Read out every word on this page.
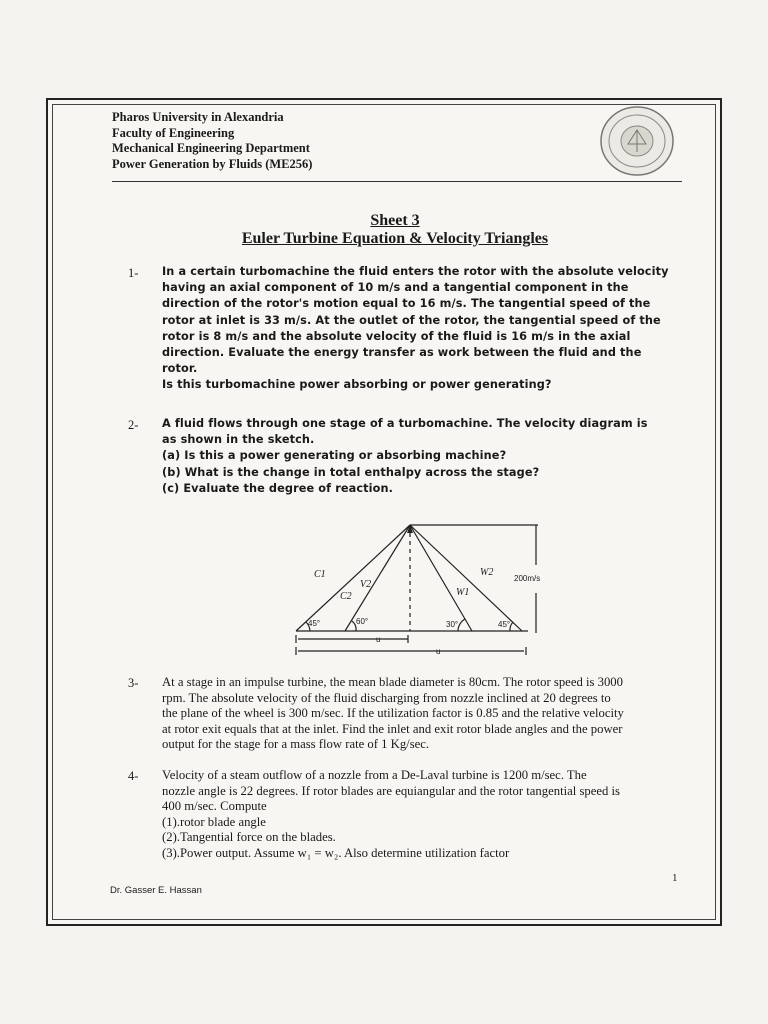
Pharos University in Alexandria
Faculty of Engineering
Mechanical Engineering Department
Power Generation by Fluids (ME256)
Sheet 3
Euler Turbine Equation & Velocity Triangles
1- In a certain turbomachine the fluid enters the rotor with the absolute velocity
having an axial component of 10 m/s and a tangential component in the
direction of the rotor's motion equal to 16 m/s. The tangential speed of the
rotor at inlet is 33 m/s. At the outlet of the rotor, the tangential speed of the
rotor is 8 m/s and the absolute velocity of the fluid is 16 m/s in the axial
direction. Evaluate the energy transfer as work between the fluid and the
rotor.
Is this turbomachine power absorbing or power generating?
2- A fluid flows through one stage of a turbomachine. The velocity diagram is
as shown in the sketch.
(a) Is this a power generating or absorbing machine?
(b) What is the change in total enthalpy across the stage?
(c) Evaluate the degree of reaction.
C1
C2
V2
W1
W2
200m/s
45°	60°	30°	45°
u
u
3- At a stage in an impulse turbine, the mean blade diameter is 80cm. The rotor speed is 3000
rpm. The absolute velocity of the fluid discharging from nozzle inclined at 20 degrees to
the plane of the wheel is 300 m/sec. If the utilization factor is 0.85 and the relative velocity
at rotor exit equals that at the inlet. Find the inlet and exit rotor blade angles and the power
output for the stage for a mass flow rate of 1 Kg/sec.
4- Velocity of a steam outflow of a nozzle from a De-Laval turbine is 1200 m/sec. The
nozzle angle is 22 degrees. If rotor blades are equiangular and the rotor tangential speed is
400 m/sec. Compute
(1).rotor blade angle
(2).Tangential force on the blades.
(3).Power output. Assume w₁ = w₂. Also determine utilization factor
1
Dr. Gasser E. Hassan
